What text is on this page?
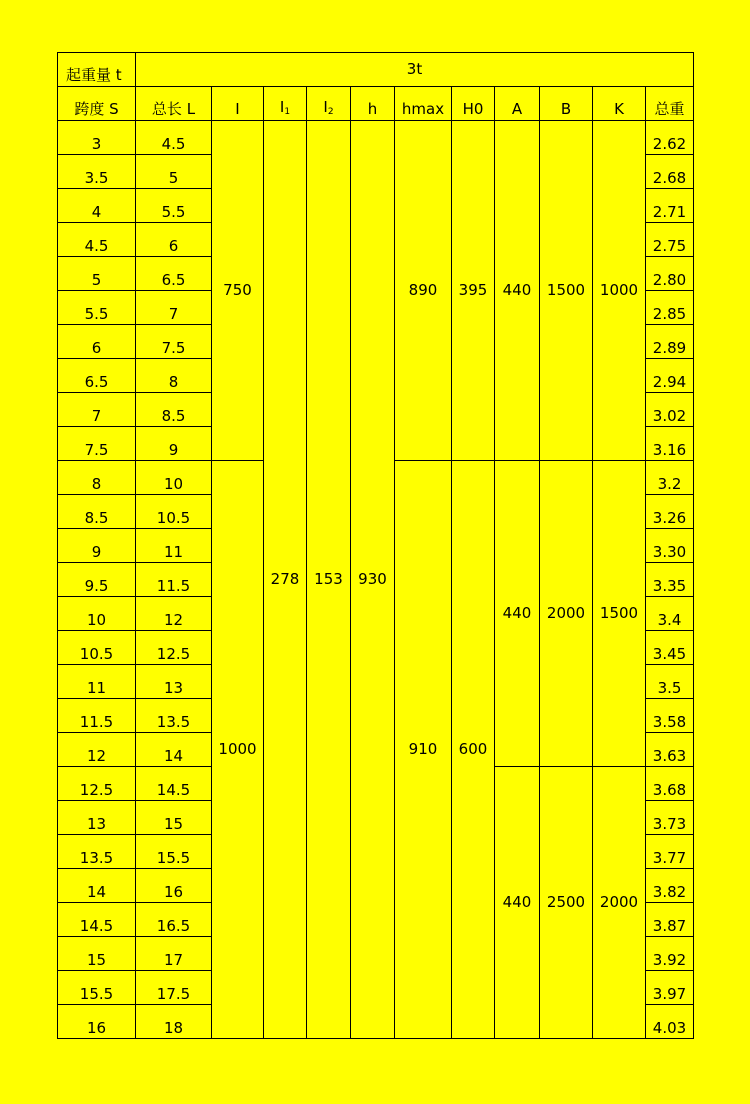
起重量 t	3t										
跨度 S	总长 L	I	$I_1$	$I_2$	h	hmax	H0	A	B	K	总重
3	4.5	750	278	153	930	890	395	440	1500	1000	2.62
3.5	5										2.68
4	5.5										2.71
4.5	6										2.75
5	6.5										2.80
5.5	7										2.85
6	7.5										2.89
6.5	8										2.94
7	8.5										3.02
7.5	9										3.16
8	10	1000				910	600	440	2000	1500	3.2
8.5	10.5										3.26
9	11										3.30
9.5	11.5										3.35
10	12										3.4
10.5	12.5										3.45
11	13										3.5
11.5	13.5										3.58
12	14										3.63
12.5	14.5							440	2500	2000	3.68
13	15										3.73
13.5	15.5										3.77
14	16										3.82
14.5	16.5										3.87
15	17										3.92
15.5	17.5										3.97
16	18										4.03
